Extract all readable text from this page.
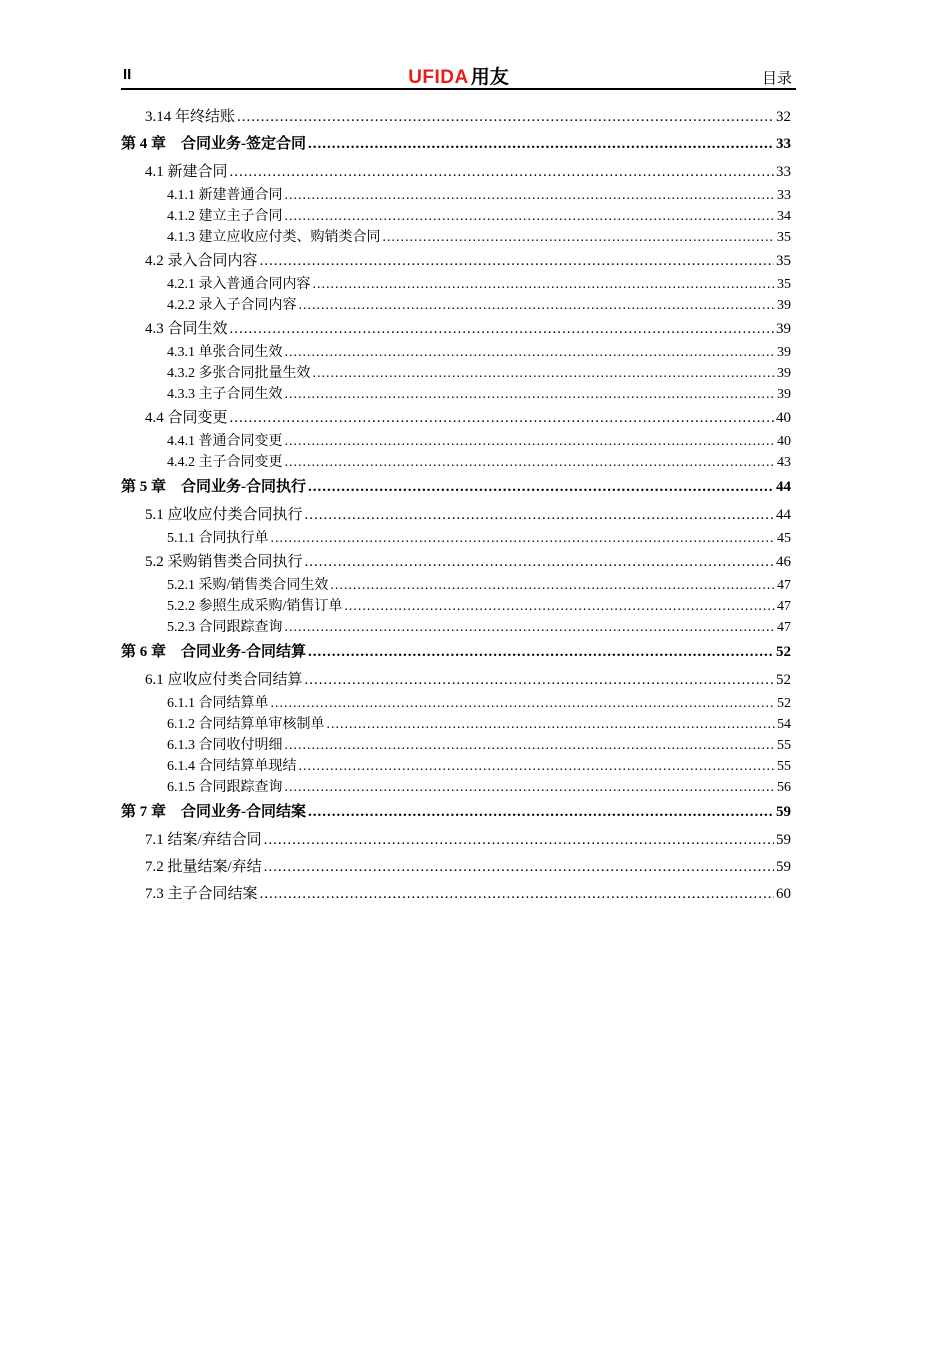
II	UFIDA 用友	目录
3.14 年终结账 .....	32
第 4 章　合同业务-签定合同 .....	33
4.1 新建合同 .....	33
4.1.1 新建普通合同 .....	33
4.1.2 建立主子合同 .....	34
4.1.3 建立应收应付类、购销类合同 .....	35
4.2 录入合同内容 .....	35
4.2.1 录入普通合同内容 .....	35
4.2.2 录入子合同内容 .....	39
4.3 合同生效 .....	39
4.3.1 单张合同生效 .....	39
4.3.2 多张合同批量生效 .....	39
4.3.3 主子合同生效 .....	39
4.4 合同变更 .....	40
4.4.1 普通合同变更 .....	40
4.4.2 主子合同变更 .....	43
第 5 章　合同业务-合同执行 .....	44
5.1 应收应付类合同执行 .....	44
5.1.1 合同执行单 .....	45
5.2 采购销售类合同执行 .....	46
5.2.1 采购/销售类合同生效 .....	47
5.2.2 参照生成采购/销售订单 .....	47
5.2.3 合同跟踪查询 .....	47
第 6 章　合同业务-合同结算 .....	52
6.1 应收应付类合同结算 .....	52
6.1.1 合同结算单 .....	52
6.1.2 合同结算单审核制单 .....	54
6.1.3 合同收付明细 .....	55
6.1.4 合同结算单现结 .....	55
6.1.5 合同跟踪查询 .....	56
第 7 章　合同业务-合同结案 .....	59
7.1 结案/弃结合同 .....	59
7.2 批量结案/弃结 .....	59
7.3 主子合同结案 .....	60
